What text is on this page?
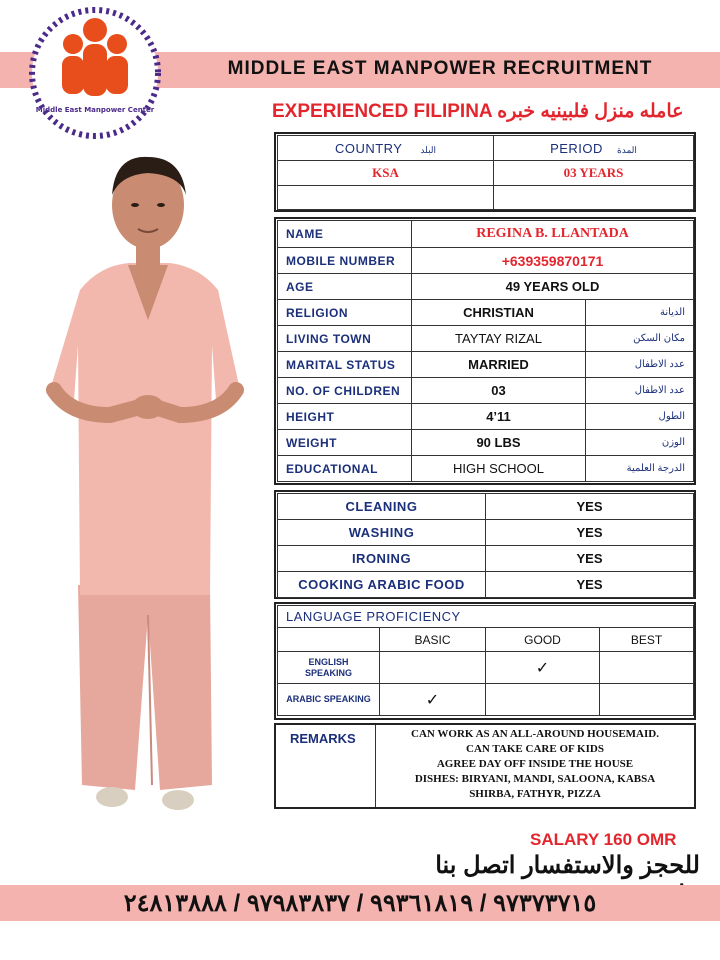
MIDDLE EAST MANPOWER RECRUITMENT
Middle East Manpower Center	EXPERIENCED FILIPINA عامله منزل فلبينيه خبره
COUNTRY البلد	PERIOD المدة
KSA	03 YEARS

NAME	REGINA B. LLANTADA	
MOBILE NUMBER	+639359870171	
AGE	49 YEARS OLD	
RELIGION	CHRISTIAN	الديانة
LIVING TOWN	TAYTAY RIZAL	مكان السكن
MARITAL STATUS	MARRIED	عدد الاطفال
NO. OF CHILDREN	03	عدد الاطفال
HEIGHT	4’11	الطول
WEIGHT	90 LBS	الوزن
EDUCATIONAL	HIGH SCHOOL	الدرجة العلمية
CLEANING	YES
WASHING	YES
IRONING	YES
COOKING ARABIC FOOD	YES
LANGUAGE PROFICIENCY			
	BASIC	GOOD	BEST
ENGLISH SPEAKING		✓	
ARABIC SPEAKING	✓		
REMARKS	CAN WORK AS AN ALL-AROUND HOUSEMAID.
CAN TAKE CARE OF KIDS
AGREE DAY OFF INSIDE THE HOUSE
DISHES: BIRYANI, MANDI, SALOONA, KABSA
SHIRBA, FATHYR, PIZZA
SALARY 160 OMR
للحجز والاستفسار اتصل بنا
٩٧٣٧٣٧١٥ / ٩٩٣٦١٨١٩ / ٩٧٩٨٣٨٣٧ / ٢٤٨١٣٨٨٨
